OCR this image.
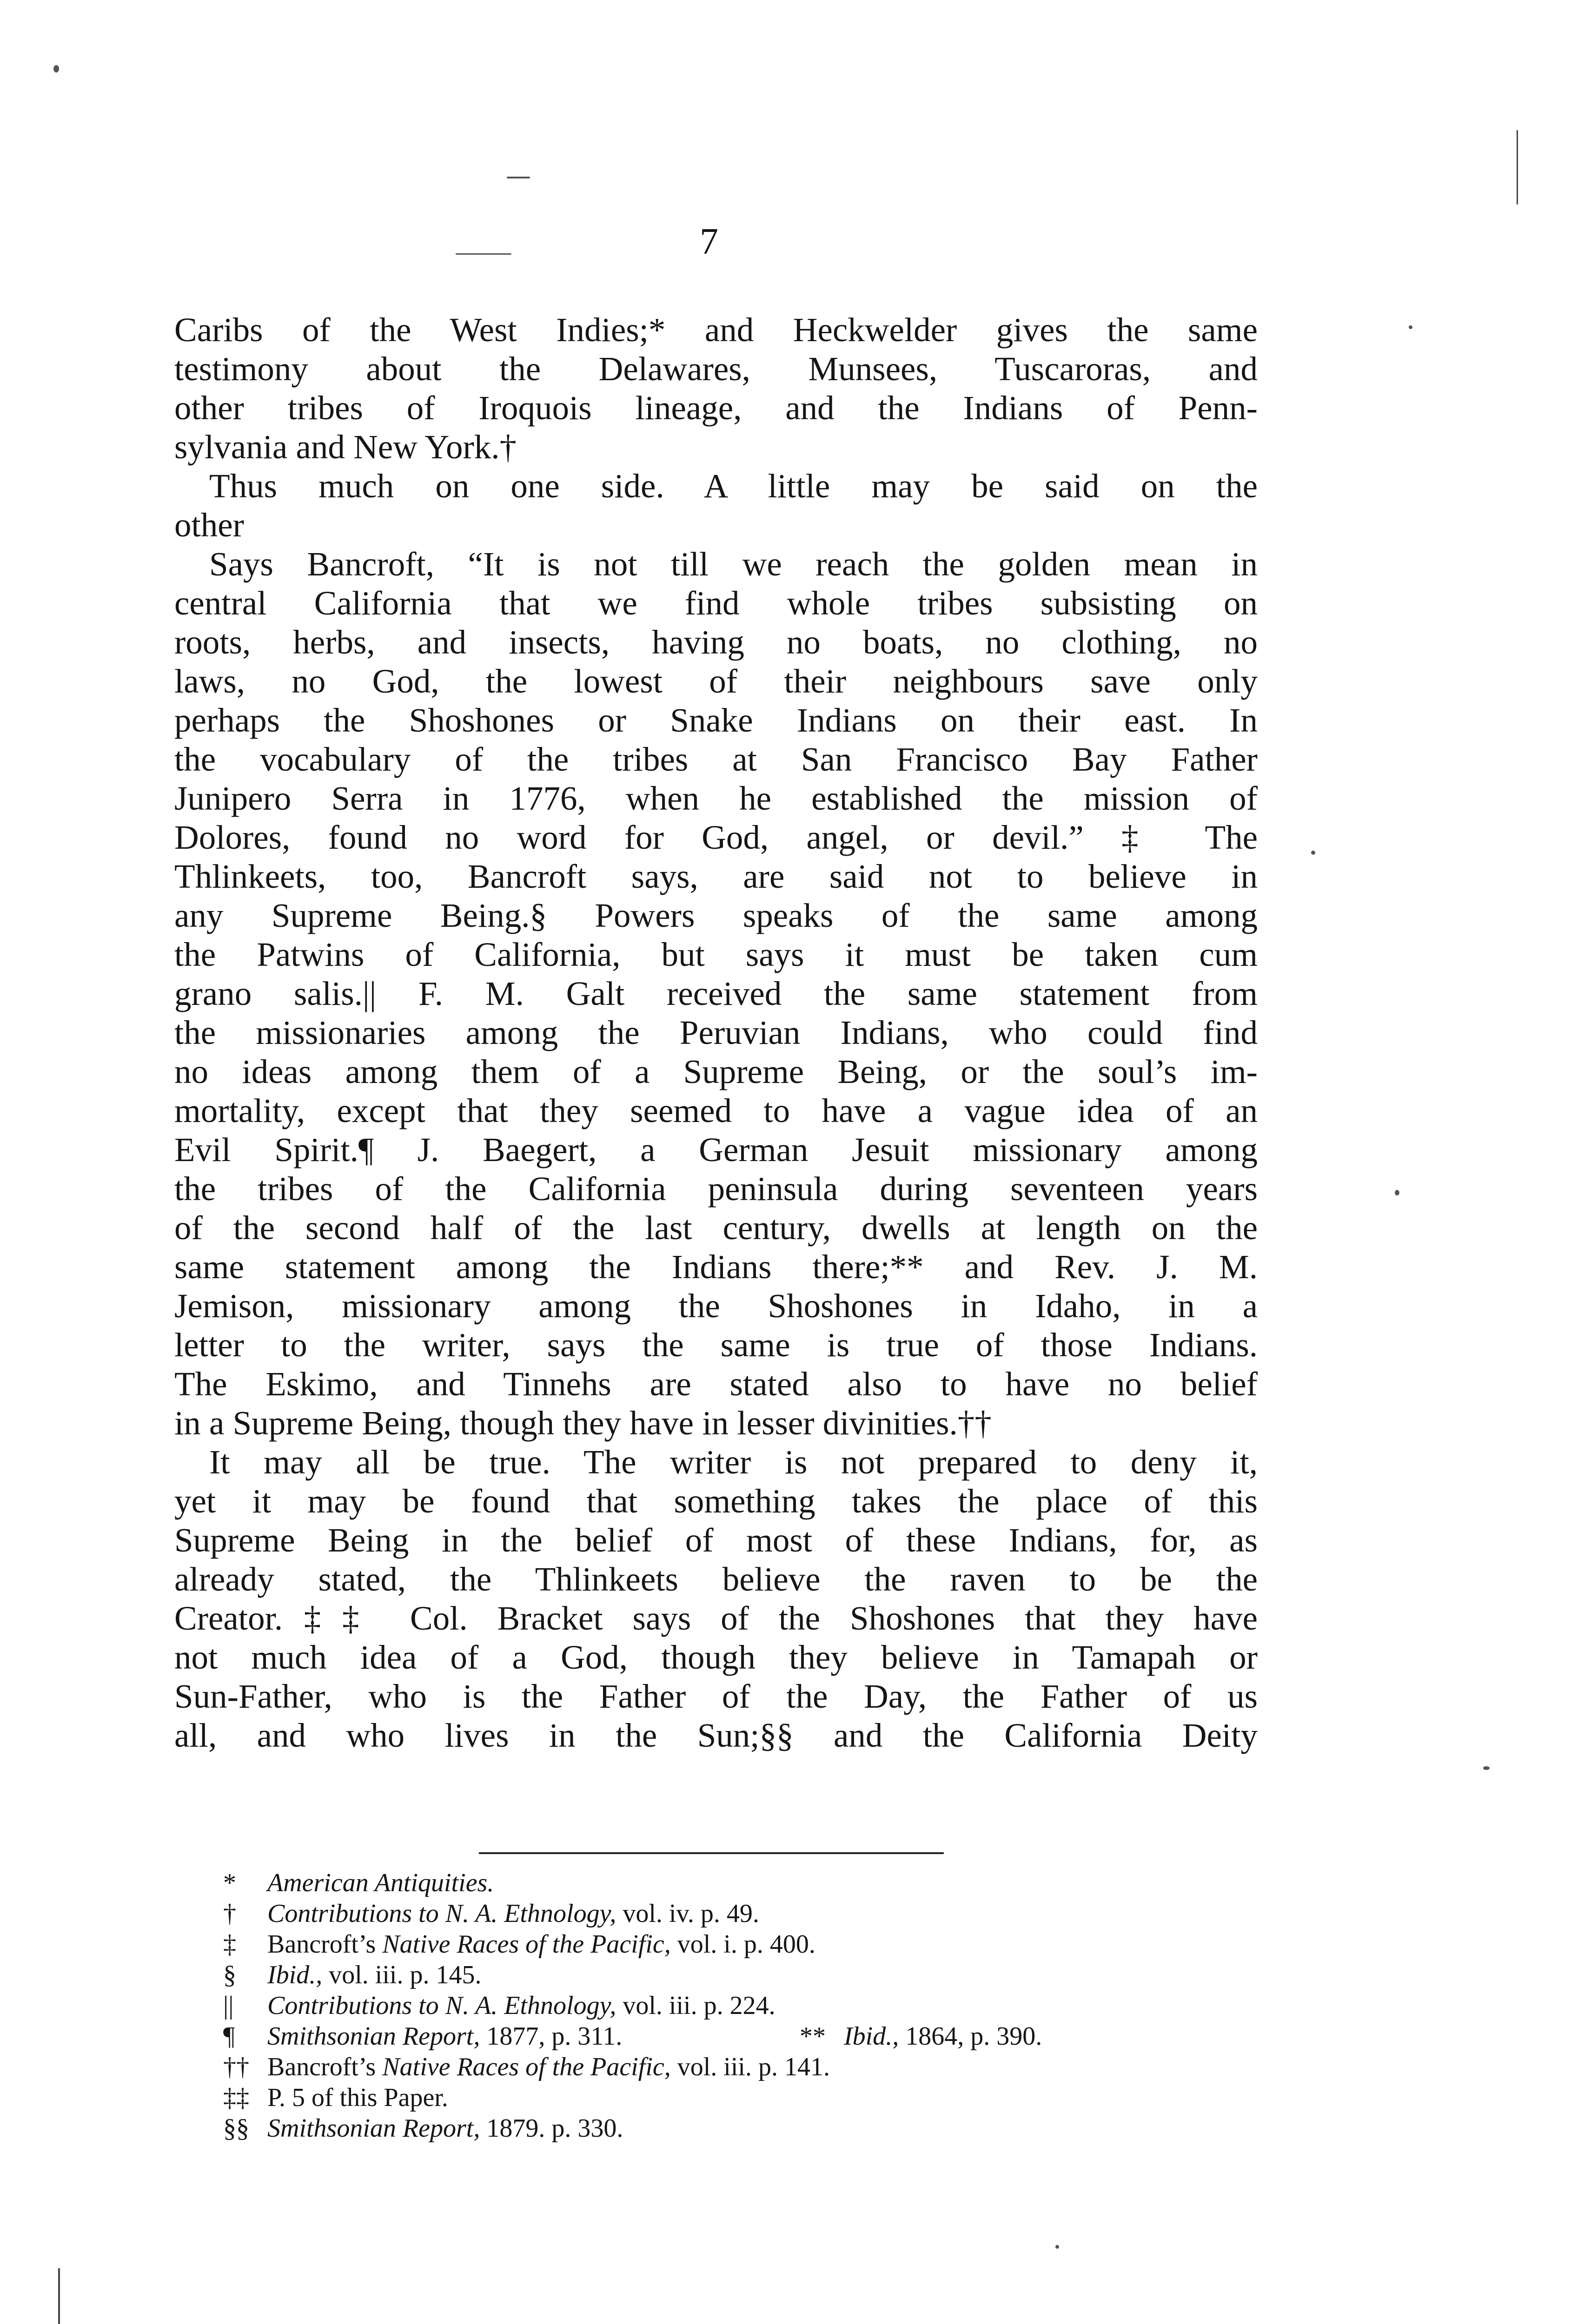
7
Caribs of the West Indies;* and Heckwelder gives the same
testimony about the Delawares, Munsees, Tuscaroras, and
other tribes of Iroquois lineage, and the Indians of Penn-
sylvania and New York.†
Thus much on one side. A little may be said on the
other
Says Bancroft, “It is not till we reach the golden mean in
central California that we find whole tribes subsisting on
roots, herbs, and insects, having no boats, no clothing, no
laws, no God, the lowest of their neighbours save only
perhaps the Shoshones or Snake Indians on their east. In
the vocabulary of the tribes at San Francisco Bay Father
Junipero Serra in 1776, when he established the mission of
Dolores, found no word for God, angel, or devil.” ‡ The
Thlinkeets, too, Bancroft says, are said not to believe in
any Supreme Being.§ Powers speaks of the same among
the Patwins of California, but says it must be taken cum
grano salis.|| F. M. Galt received the same statement from
the missionaries among the Peruvian Indians, who could find
no ideas among them of a Supreme Being, or the soul’s im-
mortality, except that they seemed to have a vague idea of an
Evil Spirit.¶ J. Baegert, a German Jesuit missionary among
the tribes of the California peninsula during seventeen years
of the second half of the last century, dwells at length on the
same statement among the Indians there;** and Rev. J. M.
Jemison, missionary among the Shoshones in Idaho, in a
letter to the writer, says the same is true of those Indians.
The Eskimo, and Tinnehs are stated also to have no belief
in a Supreme Being, though they have in lesser divinities.††
It may all be true. The writer is not prepared to deny it,
yet it may be found that something takes the place of this
Supreme Being in the belief of most of these Indians, for, as
already stated, the Thlinkeets believe the raven to be the
Creator.‡‡ Col. Bracket says of the Shoshones that they have
not much idea of a God, though they believe in Tamapah or
Sun-Father, who is the Father of the Day, the Father of us
all, and who lives in the Sun;§§ and the California Deity
* American Antiquities.
† Contributions to N. A. Ethnology, vol. iv. p. 49.
‡ Bancroft’s Native Races of the Pacific, vol. i. p. 400.
§ Ibid., vol. iii. p. 145.
|| Contributions to N. A. Ethnology, vol. iii. p. 224.
¶ Smithsonian Report, 1877, p. 311.	** Ibid., 1864, p. 390.
†† Bancroft’s Native Races of the Pacific, vol. iii. p. 141.
‡‡ P. 5 of this Paper.
§§ Smithsonian Report, 1879. p. 330.
